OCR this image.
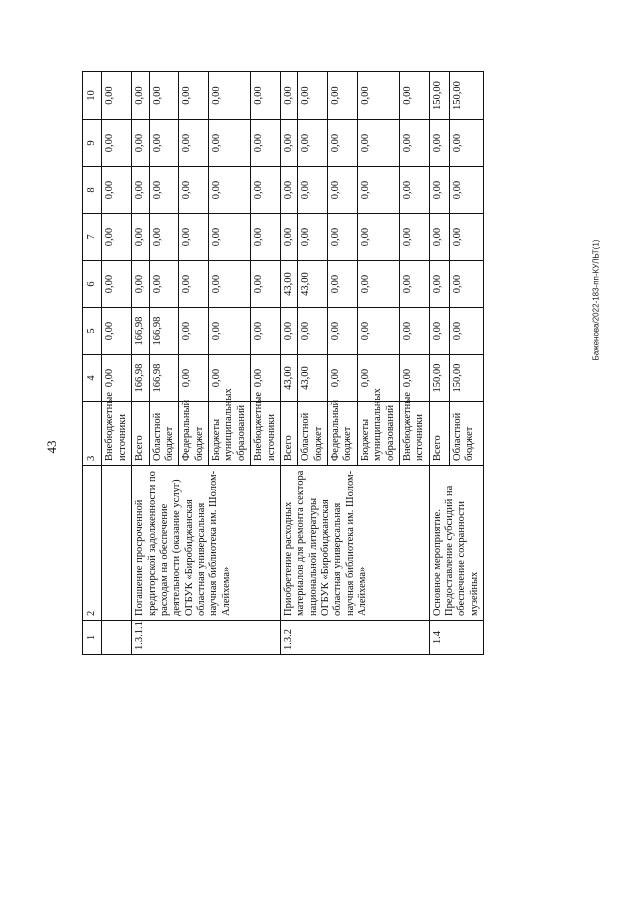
43
Баженова/2022-183-пп-КУЛЬТ(1)
1	2	3	4	5	6	7	8	9	10
		Внебюджетные источники	0,00	0,00	0,00	0,00	0,00	0,00	0,00
1.3.1.1	Погашение просроченной кредиторской задолженности по расходам на обеспечение деятельности (оказание услуг) ОГБУК «Биробиджанская областная универсальная научная библиотека им. Шолом-Алейхема»	Всего	166,98	166,98	0,00	0,00	0,00	0,00	0,00
		Областной бюджет	166,98	166,98	0,00	0,00	0,00	0,00	0,00
		Федеральный бюджет	0,00	0,00	0,00	0,00	0,00	0,00	0,00
		Бюджеты муниципальных образований	0,00	0,00	0,00	0,00	0,00	0,00	0,00
		Внебюджетные источники	0,00	0,00	0,00	0,00	0,00	0,00	0,00
1.3.2	Приобретение расходных материалов для ремонта сектора национальной литературы ОГБУК «Биробиджанская областная универсальная научная библиотека им. Шолом-Алейхема»	Всего	43,00	0,00	43,00	0,00	0,00	0,00	0,00
		Областной бюджет	43,00	0,00	43,00	0,00	0,00	0,00	0,00
		Федеральный бюджет	0,00	0,00	0,00	0,00	0,00	0,00	0,00
		Бюджеты муниципальных образований	0,00	0,00	0,00	0,00	0,00	0,00	0,00
		Внебюджетные источники	0,00	0,00	0,00	0,00	0,00	0,00	0,00
1.4	Основное мероприятие. Предоставление субсидий на обеспечение сохранности музейных	Всего	150,00	0,00	0,00	0,00	0,00	0,00	150,00
		Областной бюджет	150,00	0,00	0,00	0,00	0,00	0,00	150,00
